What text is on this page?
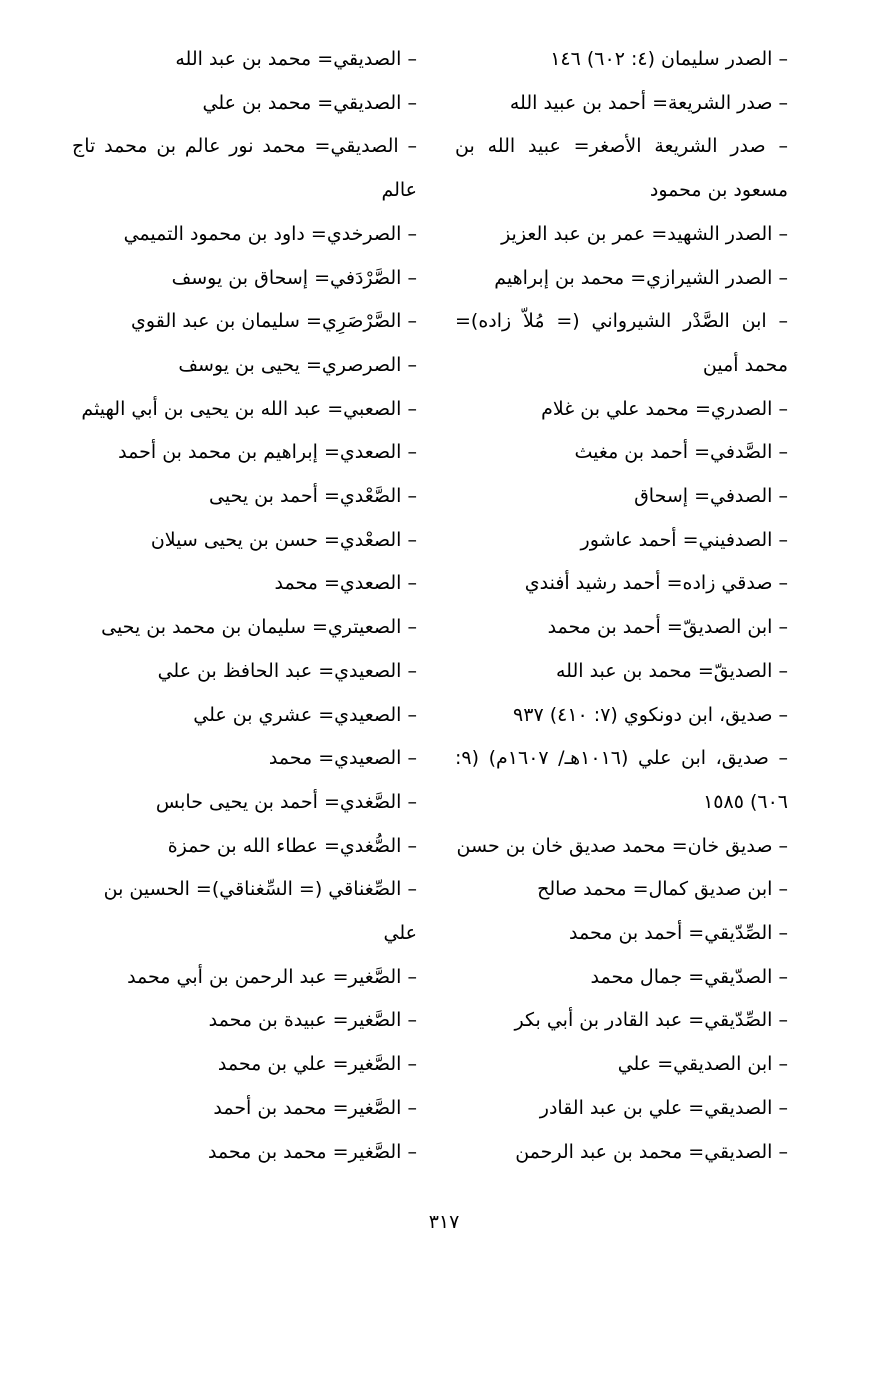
– الصدر سليمان (٤: ٦٠٢) ١٤٦

– صدر الشريعة= أحمد بن عبيد الله

– صدر الشريعة الأصغر= عبيد الله بن مسعود بن محمود

– الصدر الشهيد= عمر بن عبد العزيز

– الصدر الشيرازي= محمد بن إبراهيم

– ابن الصَّدْر الشيرواني (= مُلاّ زاده)= محمد أمين

– الصدري= محمد علي بن غلام

– الصَّدفي= أحمد بن مغيث

– الصدفي= إسحاق

– الصدفيني= أحمد عاشور

– صدقي زاده= أحمد رشيد أفندي

– ابن الصديقّ= أحمد بن محمد

– الصديقّ= محمد بن عبد الله

– صديق، ابن دونكوي (٧: ٤١٠) ٩٣٧

– صديق، ابن علي (١٠١٦هـ/ ١٦٠٧م) (٩: ٦٠٦) ١٥٨٥

– صديق خان= محمد صديق خان بن حسن

– ابن صديق كمال= محمد صالح

– الصِّدّيقي= أحمد بن محمد

– الصدّيقي= جمال محمد

– الصِّدّيقي= عبد القادر بن أبي بكر

– ابن الصديقي= علي

– الصديقي= علي بن عبد القادر

– الصديقي= محمد بن عبد الرحمن

– الصديقي= محمد بن عبد الله

– الصديقي= محمد بن علي

– الصديقي= محمد نور عالم بن محمد تاج عالم

– الصرخدي= داود بن محمود التميمي

– الصَّرْدَفي= إسحاق بن يوسف

– الصَّرْصَرِي= سليمان بن عبد القوي

– الصرصري= يحيى بن يوسف

– الصعبي= عبد الله بن يحيى بن أبي الهيثم

– الصعدي= إبراهيم بن محمد بن أحمد

– الصَّعْدي= أحمد بن يحيى

– الصعْدي= حسن بن يحيى سيلان

– الصعدي= محمد

– الصعيتري= سليمان بن محمد بن يحيى

– الصعيدي= عبد الحافظ بن علي

– الصعيدي= عشري بن علي

– الصعيدي= محمد

– الصَّغدي= أحمد بن يحيى حابس

– الصُّغدي= عطاء الله بن حمزة

– الصِّغناقي (= السِّغناقي)= الحسين بن علي

– الصَّغير= عبد الرحمن بن أبي محمد

– الصَّغير= عبيدة بن محمد

– الصَّغير= علي بن محمد

– الصَّغير= محمد بن أحمد

– الصَّغير= محمد بن محمد

٣١٧
